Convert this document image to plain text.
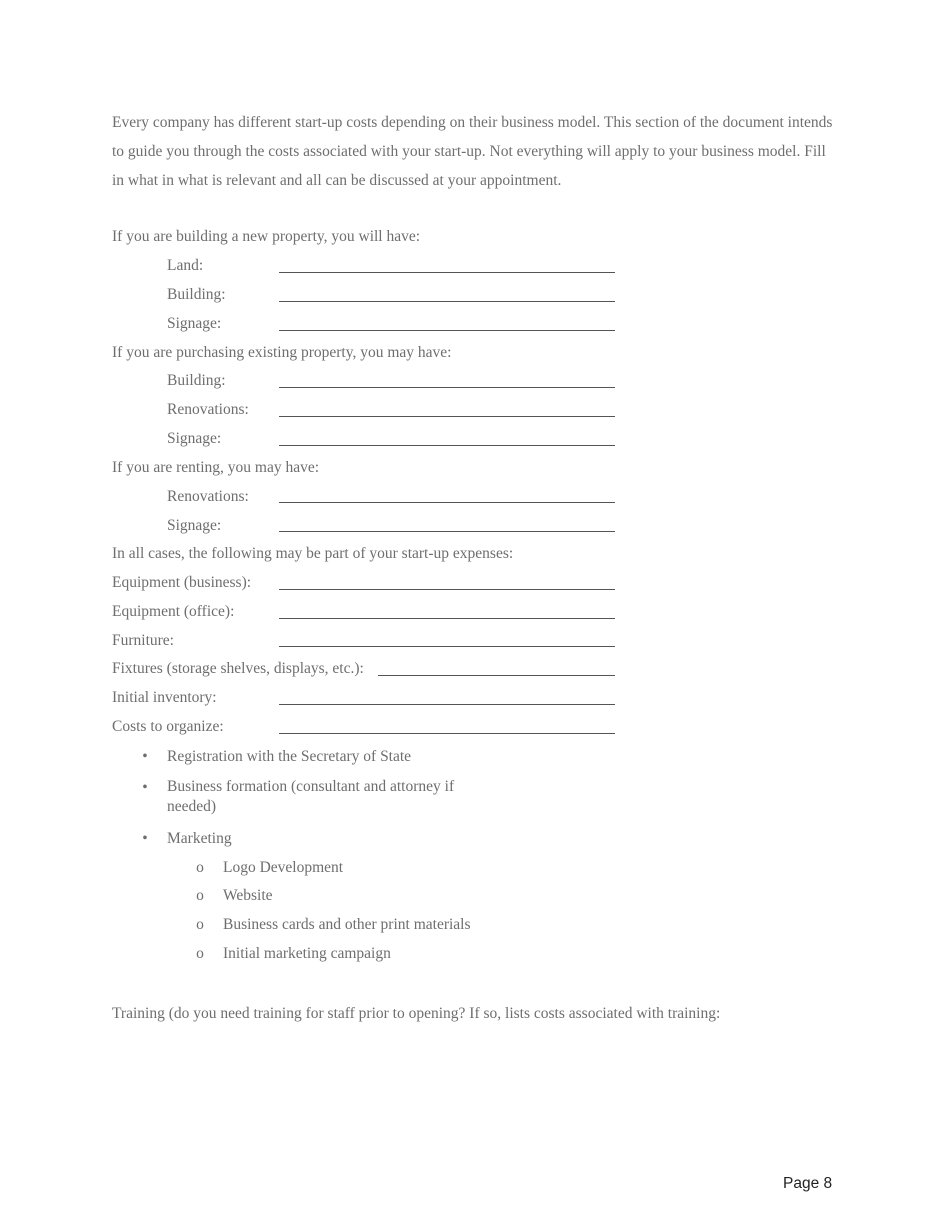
Every company has different start-up costs depending on their business model. This section of the document intends to guide you through the costs associated with your start-up. Not everything will apply to your business model. Fill in what in what is relevant and all can be discussed at your appointment.

If you are building a new property, you will have:
Land:
Building:
Signage:
If you are purchasing existing property, you may have:
Building:
Renovations:
Signage:
If you are renting, you may have:
Renovations:
Signage:
In all cases, the following may be part of your start-up expenses:
Equipment (business):
Equipment (office):
Furniture:
Fixtures (storage shelves, displays, etc.):
Initial inventory:
Costs to organize:
• Registration with the Secretary of State
• Business formation (consultant and attorney if needed)
• Marketing
o Logo Development
o Website
o Business cards and other print materials
o Initial marketing campaign
Training (do you need training for staff prior to opening? If so, lists costs associated with training:
Page 8
